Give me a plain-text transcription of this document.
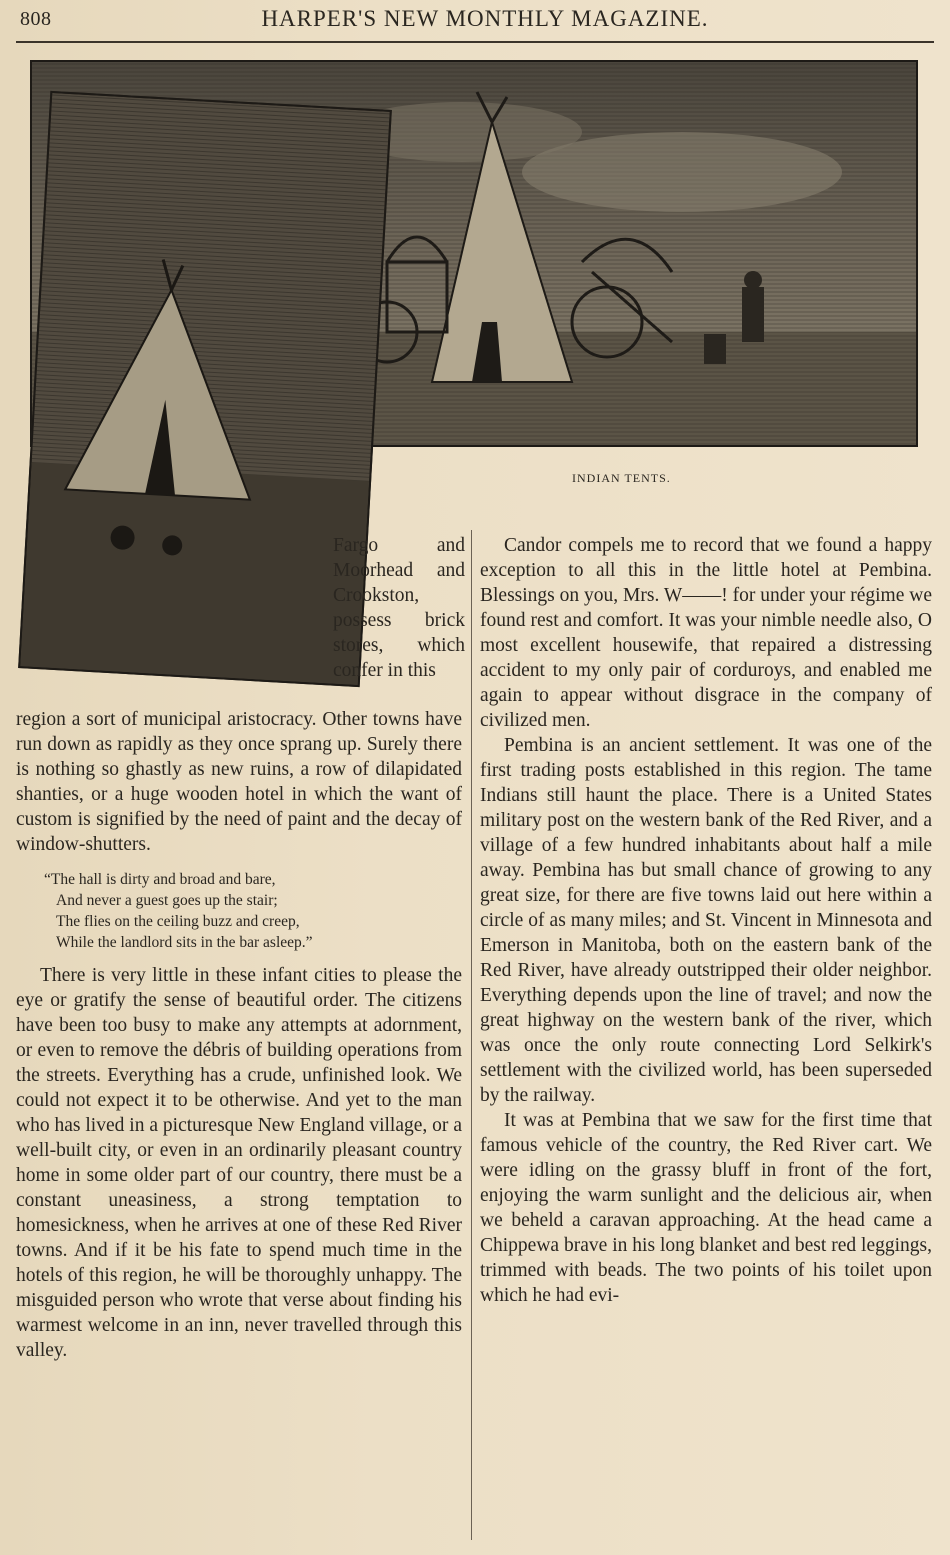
808	HARPER'S NEW MONTHLY MAGAZINE.
INDIAN TENTS.

Fargo and Moorhead and Crookston, possess brick stores, which confer in this

region a sort of municipal aristocracy. Other towns have run down as rapidly as they once sprang up. Surely there is nothing so ghastly as new ruins, a row of dilapidated shanties, or a huge wooden hotel in which the want of custom is signified by the need of paint and the decay of window-shutters.

“The hall is dirty and broad and bare,
And never a guest goes up the stair;
The flies on the ceiling buzz and creep,
While the landlord sits in the bar asleep.”

There is very little in these infant cities to please the eye or gratify the sense of beautiful order. The citizens have been too busy to make any attempts at adornment, or even to remove the débris of building operations from the streets. Everything has a crude, unfinished look. We could not expect it to be otherwise. And yet to the man who has lived in a picturesque New England village, or a well-built city, or even in an ordinarily pleasant country home in some older part of our country, there must be a constant uneasiness, a strong temptation to homesickness, when he arrives at one of these Red River towns. And if it be his fate to spend much time in the hotels of this region, he will be thoroughly unhappy. The misguided person who wrote that verse about finding his warmest welcome in an inn, never travelled through this valley.

Candor compels me to record that we found a happy exception to all this in the little hotel at Pembina. Blessings on you, Mrs. W——! for under your régime we found rest and comfort. It was your nimble needle also, O most excellent housewife, that repaired a distressing accident to my only pair of corduroys, and enabled me again to appear without disgrace in the company of civilized men.

Pembina is an ancient settlement. It was one of the first trading posts established in this region. The tame Indians still haunt the place. There is a United States military post on the western bank of the Red River, and a village of a few hundred inhabitants about half a mile away. Pembina has but small chance of growing to any great size, for there are five towns laid out here within a circle of as many miles; and St. Vincent in Minnesota and Emerson in Manitoba, both on the eastern bank of the Red River, have already outstripped their older neighbor. Everything depends upon the line of travel; and now the great highway on the western bank of the river, which was once the only route connecting Lord Selkirk's settlement with the civilized world, has been superseded by the railway.

It was at Pembina that we saw for the first time that famous vehicle of the country, the Red River cart. We were idling on the grassy bluff in front of the fort, enjoying the warm sunlight and the delicious air, when we beheld a caravan approaching. At the head came a Chippewa brave in his long blanket and best red leggings, trimmed with beads. The two points of his toilet upon which he had evi-
